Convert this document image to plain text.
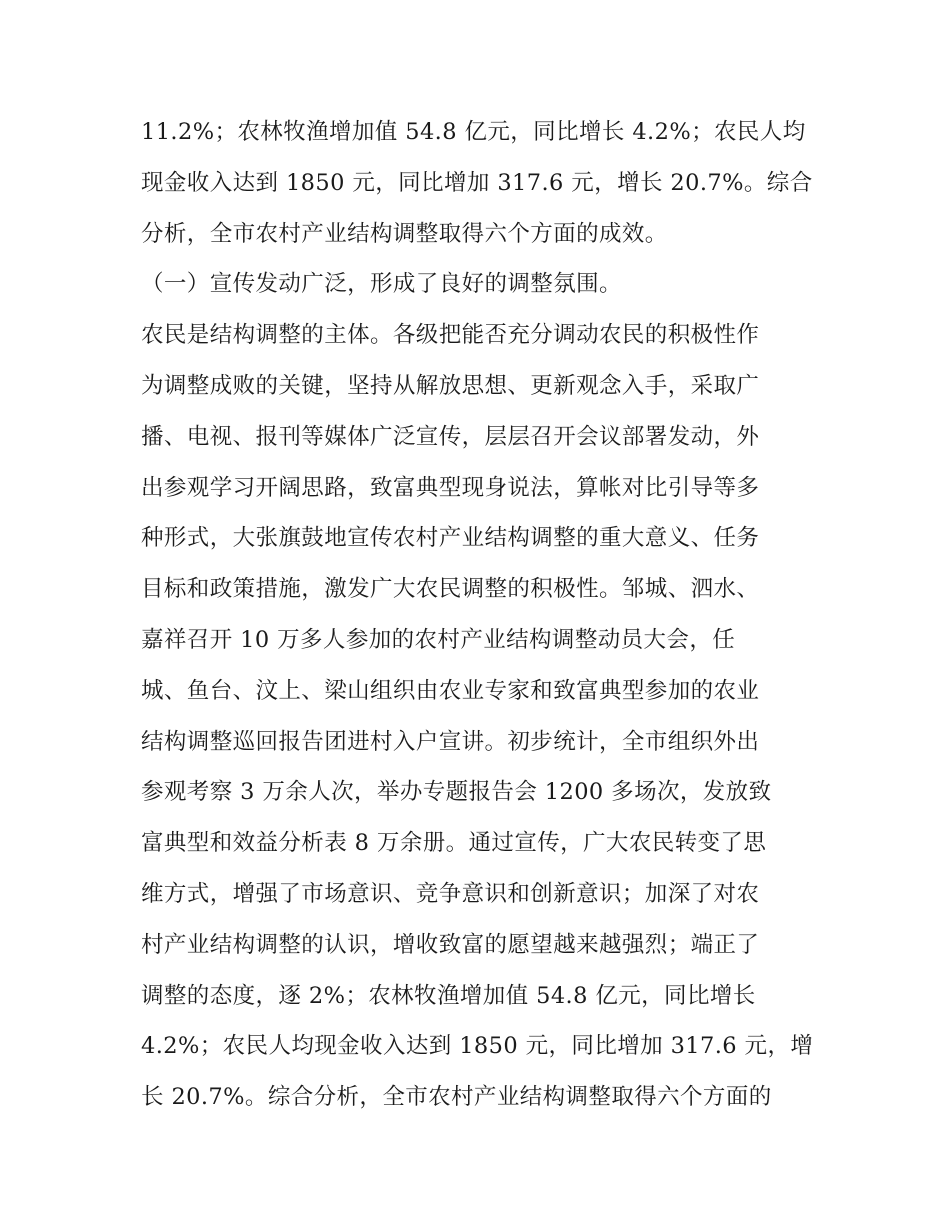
11.2%；农林牧渔增加值 54.8 亿元，同比增长 4.2%；农民人均
现金收入达到 1850 元，同比增加 317.6 元，增长 20.7%。综合
分析，全市农村产业结构调整取得六个方面的成效。
（一）宣传发动广泛，形成了良好的调整氛围。
农民是结构调整的主体。各级把能否充分调动农民的积极性作
为调整成败的关键，坚持从解放思想、更新观念入手，采取广
播、电视、报刊等媒体广泛宣传，层层召开会议部署发动，外
出参观学习开阔思路，致富典型现身说法，算帐对比引导等多
种形式，大张旗鼓地宣传农村产业结构调整的重大意义、任务
目标和政策措施，激发广大农民调整的积极性。邹城、泗水、
嘉祥召开 10 万多人参加的农村产业结构调整动员大会，任
城、鱼台、汶上、梁山组织由农业专家和致富典型参加的农业
结构调整巡回报告团进村入户宣讲。初步统计，全市组织外出
参观考察 3 万余人次，举办专题报告会 1200 多场次，发放致
富典型和效益分析表 8 万余册。通过宣传，广大农民转变了思
维方式，增强了市场意识、竞争意识和创新意识；加深了对农
村产业结构调整的认识，增收致富的愿望越来越强烈；端正了
调整的态度，逐 2%；农林牧渔增加值 54.8 亿元，同比增长
4.2%；农民人均现金收入达到 1850 元，同比增加 317.6 元，增
长 20.7%。综合分析，全市农村产业结构调整取得六个方面的
